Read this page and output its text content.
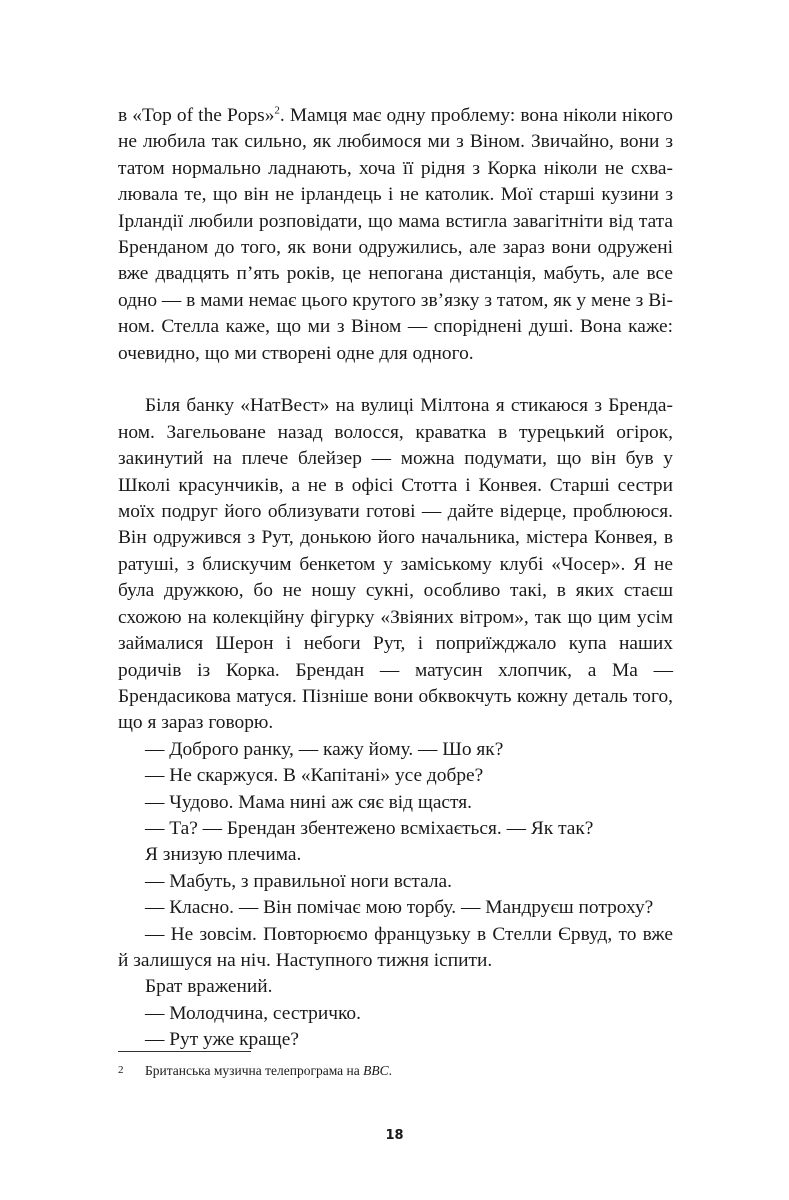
в «Top of the Pops»$^2$. Мамця має одну проблему: вона ніколи нікого не любила так сильно, як любимося ми з Віном. Звичайно, вони з татом нормально ладнають, хоча її рідня з Корка ніколи не схвалювала те, що він не ірландець і не католик. Мої старші кузини з Ірландії любили розповідати, що мама встигла завагітніти від тата Бренданом до того, як вони одружились, але зараз вони одружені вже двадцять п’ять років, це непогана дистанція, мабуть, але все одно — в мами немає цього крутого зв’язку з татом, як у мене з Віном. Стелла каже, що ми з Віном — споріднені душі. Вона каже: очевидно, що ми створені одне для одного.

Біля банку «НатВест» на вулиці Мілтона я стикаюся з Бренданом. Загельоване назад волосся, краватка в турецький огірок, закинутий на плече блейзер — можна подумати, що він був у Школі красунчиків, а не в офісі Стотта і Конвея. Старші сестри моїх подруг його облизувати готові — дайте відерце, проблююся. Він одружився з Рут, донькою його начальника, містера Конвея, в ратуші, з блискучим бенкетом у заміському клубі «Чосер». Я не була дружкою, бо не ношу сукні, особливо такі, в яких стаєш схожою на колекційну фігурку «Звіяних вітром», так що цим усім займалися Шерон і небоги Рут, і поприїжджало купа наших родичів із Корка. Брендан — матусин хлопчик, а Ма — Брендасикова матуся. Пізніше вони обквокчуть кожну деталь того, що я зараз говорю.

— Доброго ранку, — кажу йому. — Шо як?

— Не скаржуся. В «Капітані» усе добре?

— Чудово. Мама нині аж сяє від щастя.

— Та? — Брендан збентежено всміхається. — Як так?

Я знизую плечима.

— Мабуть, з правильної ноги встала.

— Класно. — Він помічає мою торбу. — Мандруєш потроху?

— Не зовсім. Повторюємо французьку в Стелли Єрвуд, то вже й залишуся на ніч. Наступного тижня іспити.

Брат вражений.

— Молодчина, сестричко.

— Рут уже краще?

2 Британська музична телепрограма на BBC.
18
